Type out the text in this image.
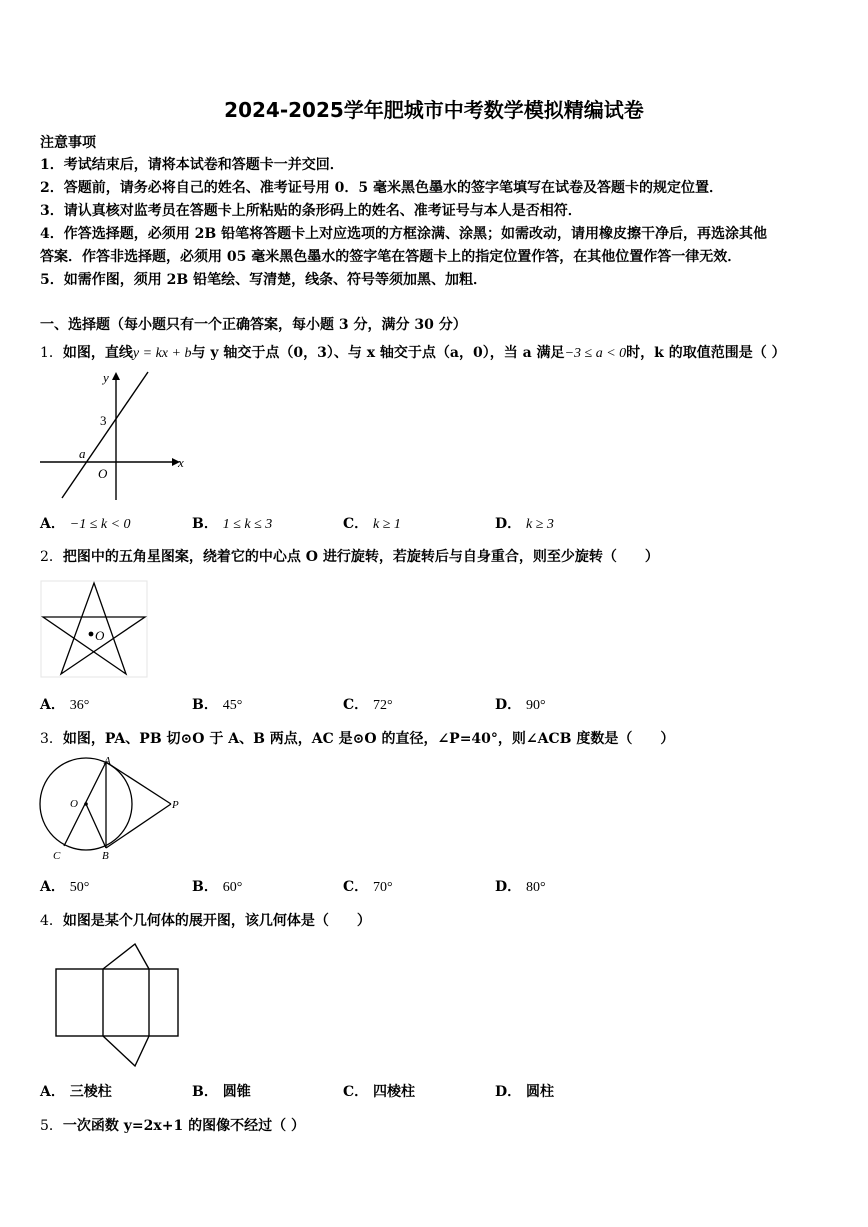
2024-2025学年肥城市中考数学模拟精编试卷
注意事项
1．考试结束后，请将本试卷和答题卡一并交回．
2．答题前，请务必将自己的姓名、准考证号用 0．5 毫米黑色墨水的签字笔填写在试卷及答题卡的规定位置．
3．请认真核对监考员在答题卡上所粘贴的条形码上的姓名、准考证号与本人是否相符．
4．作答选择题，必须用 2B 铅笔将答题卡上对应选项的方框涂满、涂黑；如需改动，请用橡皮擦干净后，再选涂其他
答案．作答非选择题，必须用 05 毫米黑色墨水的签字笔在答题卡上的指定位置作答，在其他位置作答一律无效．
5．如需作图，须用 2B 铅笔绘、写清楚，线条、符号等须加黑、加粗．
一、选择题（每小题只有一个正确答案，每小题 3 分，满分 30 分）
1．如图，直线y = kx + b与 y 轴交于点（0，3）、与 x 轴交于点（a，0），当 a 满足−3 ≤ a < 0时，k 的取值范围是（ ）
x
y
3
a
O
A． −1 ≤ k < 0	B． 1 ≤ k ≤ 3	C． k ≥ 1	D． k ≥ 3
2．把图中的五角星图案，绕着它的中心点 O 进行旋转，若旋转后与自身重合，则至少旋转（　　）
O
A． 36°	B． 45°	C． 72°	D． 90°
3．如图，PA、PB 切⊙O 于 A、B 两点，AC 是⊙O 的直径，∠P=40°，则∠ACB 度数是（　　）
A
B
C
O	P
A． 50°	B． 60°	C． 70°	D． 80°
4．如图是某个几何体的展开图，该几何体是（　　）
A． 三棱柱	B． 圆锥	C． 四棱柱	D． 圆柱
5．一次函数 y=2x+1 的图像不经过（ ）
